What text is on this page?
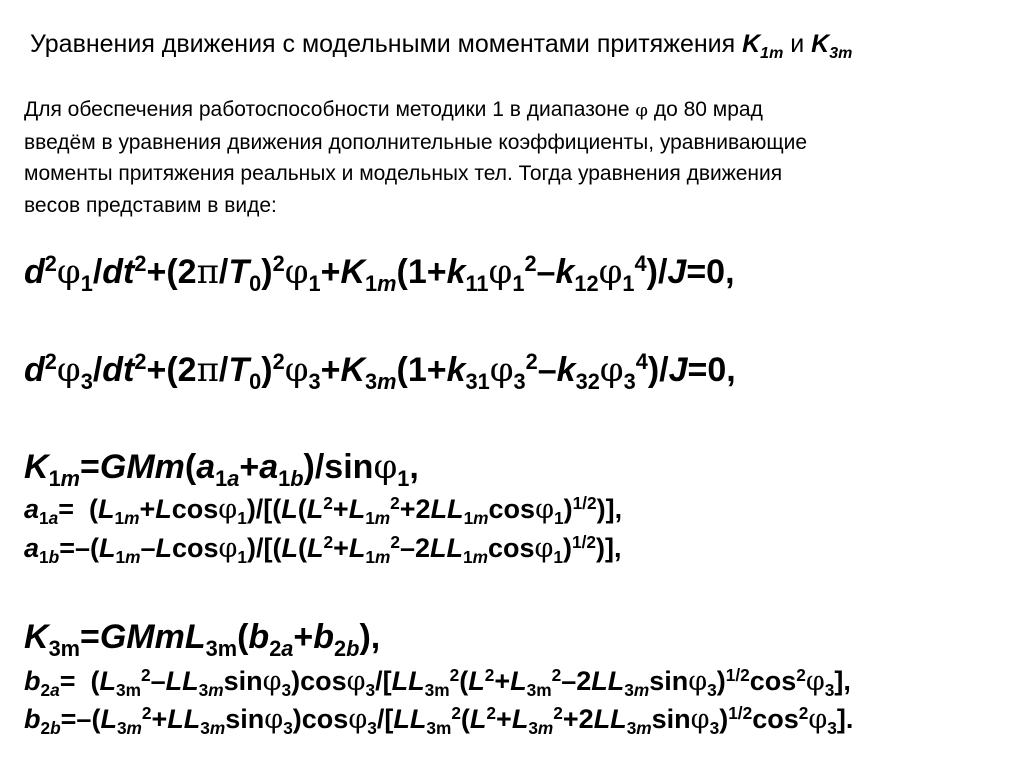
Уравнения движения с модельными моментами притяжения $K_{1m}$ и $K_{3m}$
Для обеспечения работоспособности методики 1 в диапазоне φ до 80 мрад
введём в уравнения движения дополнительные коэффициенты, уравнивающие
моменты притяжения реальных и модельных тел. Тогда уравнения движения
весов представим в виде:
$d^2\varphi_1/dt^2+(2\pi/T_0)^2\varphi_1+K_{1m}(1+k_{11}\varphi_1^2-k_{12}\varphi_1^4)/J=0$,
$d^2\varphi_3/dt^2+(2\pi/T_0)^2\varphi_3+K_{3m}(1+k_{31}\varphi_3^2-k_{32}\varphi_3^4)/J=0$,
$K_{1m}=GMm(a_{1a}+a_{1b})/\sin\varphi_1$,
$a_{1a}= (L_{1m}+Lcos\varphi_1)/[(L(L^2+L_{1m}^2+2LL_{1m}\cos\varphi_1)^{1/2})]$,
$a_{1b}=-(L_{1m}-Lcos\varphi_1)/[(L(L^2+L_{1m}^2-2LL_{1m}\cos\varphi_1)^{1/2})]$,
$K_{3m}=GMmL_{3m}(b_{2a}+b_{2b})$,
$b_{2a}= (L_{3m}^2-LL_{3m}\sin\varphi_3)\cos\varphi_3/[LL_{3m}^2(L^2+L_{3m}^2-2LL_{3m}\sin\varphi_3)^{1/2}\cos^2\varphi_3]$,
$b_{2b}=-(L_{3m}^2+LL_{3m}\sin\varphi_3)\cos\varphi_3/[LL_{3m}^2(L^2+L_{3m}^2+2LL_{3m}\sin\varphi_3)^{1/2}\cos^2\varphi_3]$.
